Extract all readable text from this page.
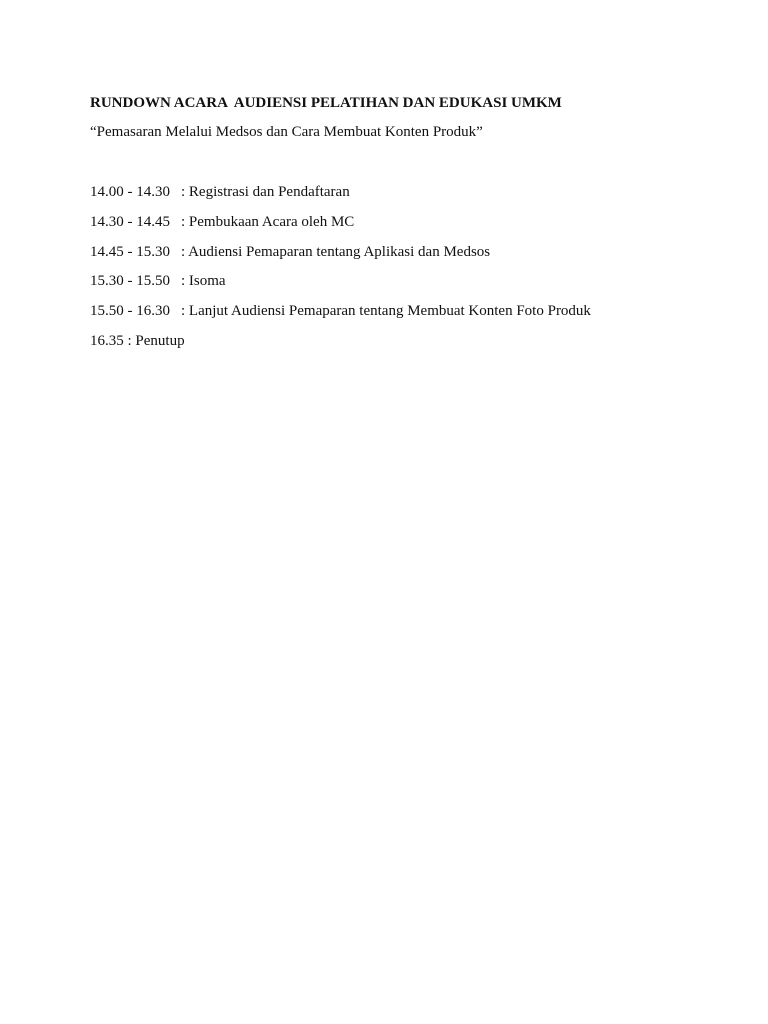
RUNDOWN ACARA  AUDIENSI PELATIHAN DAN EDUKASI UMKM

“Pemasaran Melalui Medsos dan Cara Membuat Konten Produk”

14.00 - 14.30 : Registrasi dan Pendaftaran
14.30 - 14.45 : Pembukaan Acara oleh MC
14.45 - 15.30 : Audiensi Pemaparan tentang Aplikasi dan Medsos
15.30 - 15.50 : Isoma
15.50 - 16.30 : Lanjut Audiensi Pemaparan tentang Membuat Konten Foto Produk
16.35 : Penutup
